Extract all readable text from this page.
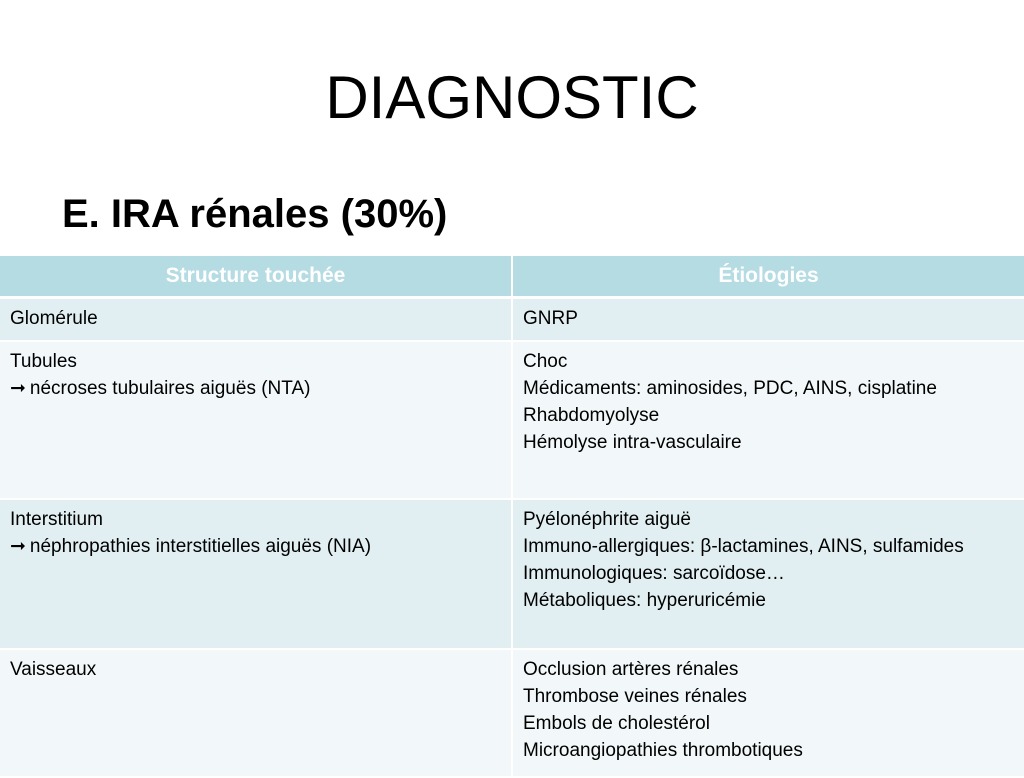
DIAGNOSTIC
E. IRA rénales (30%)
Structure touchée	Étiologies

Glomérule	GNRP

Tubules
➞ nécroses tubulaires aiguës (NTA)	Choc
Médicaments: aminosides, PDC, AINS, cisplatine
Rhabdomyolyse
Hémolyse intra-vasculaire

Interstitium
➞ néphropathies interstitielles aiguës (NIA)	Pyélonéphrite aiguë
Immuno-allergiques: β-lactamines, AINS, sulfamides
Immunologiques: sarcoïdose…
Métaboliques: hyperuricémie

Vaisseaux	Occlusion artères rénales
Thrombose veines rénales
Embols de cholestérol
Microangiopathies thrombotiques
